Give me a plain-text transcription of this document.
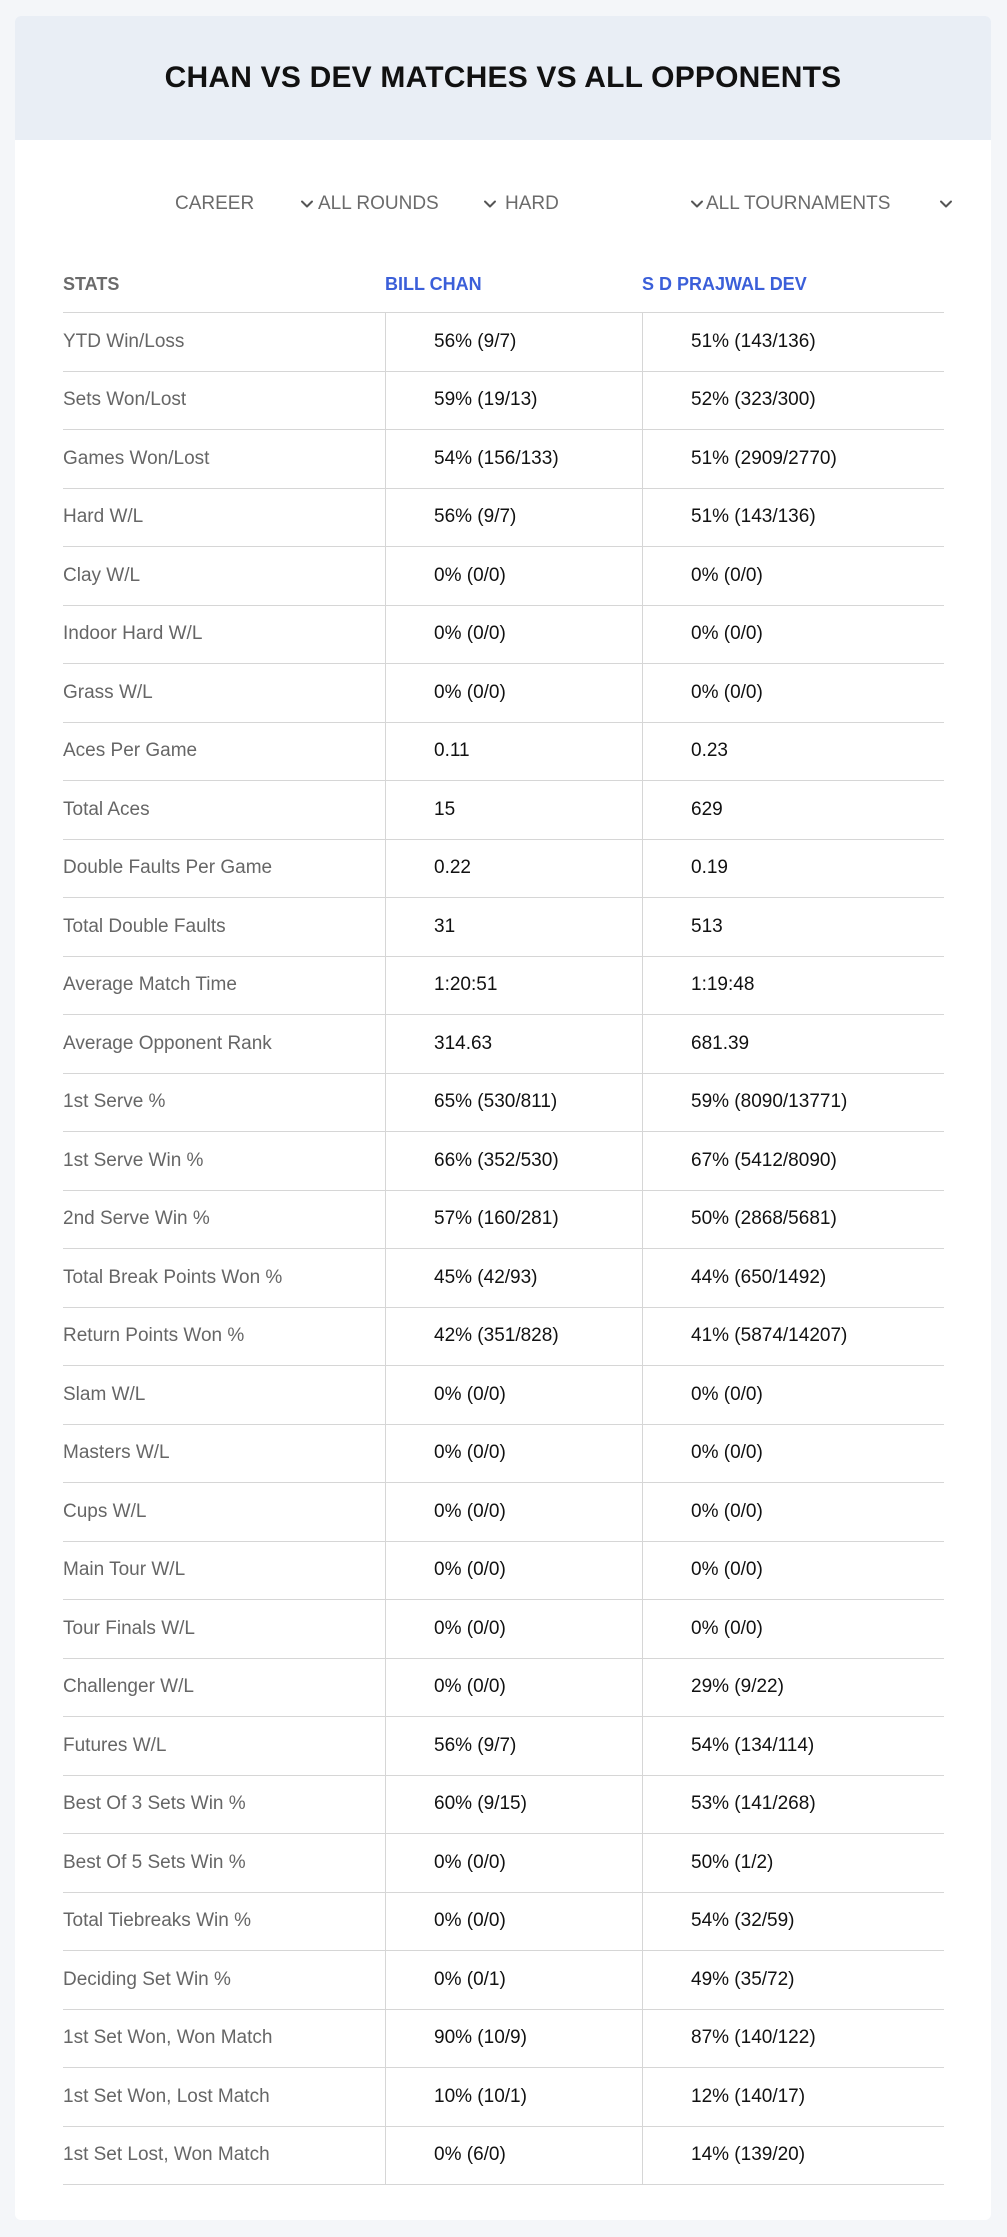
CHAN VS DEV MATCHES VS ALL OPPONENTS
CAREER	ALL ROUNDS	HARD	ALL TOURNAMENTS
STATS	BILL CHAN	S D PRAJWAL DEV
YTD Win/Loss	56% (9/7)	51% (143/136)
Sets Won/Lost	59% (19/13)	52% (323/300)
Games Won/Lost	54% (156/133)	51% (2909/2770)
Hard W/L	56% (9/7)	51% (143/136)
Clay W/L	0% (0/0)	0% (0/0)
Indoor Hard W/L	0% (0/0)	0% (0/0)
Grass W/L	0% (0/0)	0% (0/0)
Aces Per Game	0.11	0.23
Total Aces	15	629
Double Faults Per Game	0.22	0.19
Total Double Faults	31	513
Average Match Time	1:20:51	1:19:48
Average Opponent Rank	314.63	681.39
1st Serve %	65% (530/811)	59% (8090/13771)
1st Serve Win %	66% (352/530)	67% (5412/8090)
2nd Serve Win %	57% (160/281)	50% (2868/5681)
Total Break Points Won %	45% (42/93)	44% (650/1492)
Return Points Won %	42% (351/828)	41% (5874/14207)
Slam W/L	0% (0/0)	0% (0/0)
Masters W/L	0% (0/0)	0% (0/0)
Cups W/L	0% (0/0)	0% (0/0)
Main Tour W/L	0% (0/0)	0% (0/0)
Tour Finals W/L	0% (0/0)	0% (0/0)
Challenger W/L	0% (0/0)	29% (9/22)
Futures W/L	56% (9/7)	54% (134/114)
Best Of 3 Sets Win %	60% (9/15)	53% (141/268)
Best Of 5 Sets Win %	0% (0/0)	50% (1/2)
Total Tiebreaks Win %	0% (0/0)	54% (32/59)
Deciding Set Win %	0% (0/1)	49% (35/72)
1st Set Won, Won Match	90% (10/9)	87% (140/122)
1st Set Won, Lost Match	10% (10/1)	12% (140/17)
1st Set Lost, Won Match	0% (6/0)	14% (139/20)
